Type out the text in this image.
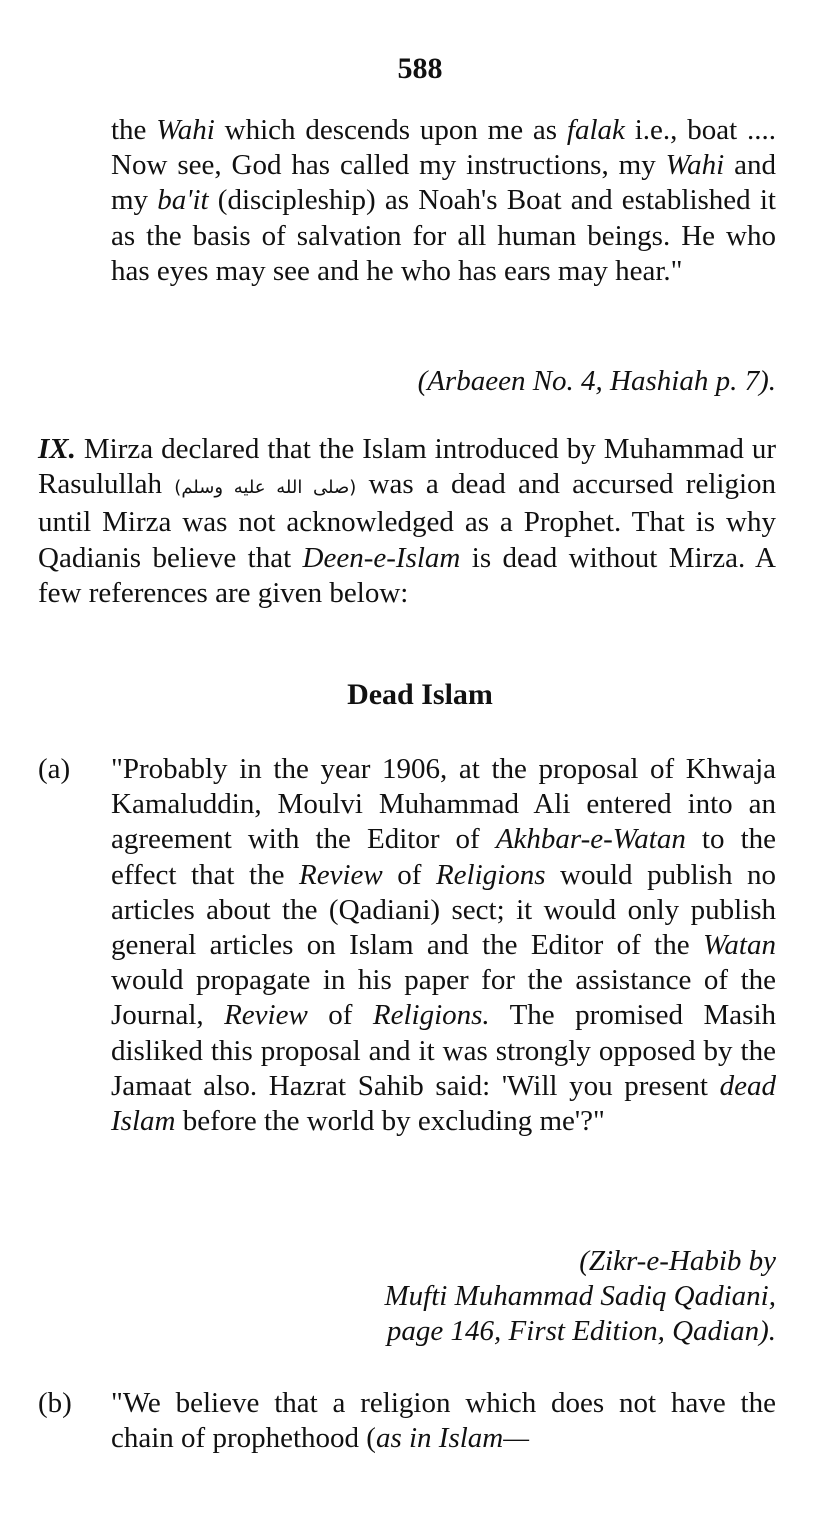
588
the Wahi which descends upon me as falak i.e., boat .... Now see, God has called my instructions, my Wahi and my ba'it (discipleship) as Noah's Boat and established it as the basis of salvation for all human beings. He who has eyes may see and he who has ears may hear."
(Arbaeen No. 4, Hashiah p. 7).
IX. Mirza declared that the Islam introduced by Muhammad ur Rasulullah (صلى الله عليه وسلم) was a dead and accursed religion until Mirza was not acknowledged as a Prophet. That is why Qadianis believe that Deen-e-Islam is dead without Mirza. A few references are given below:
Dead Islam
(a) "Probably in the year 1906, at the proposal of Khwaja Kamaluddin, Moulvi Muhammad Ali entered into an agreement with the Editor of Akhbar-e-Watan to the effect that the Review of Religions would publish no articles about the (Qadiani) sect; it would only publish general articles on Islam and the Editor of the Watan would propagate in his paper for the assistance of the Journal, Review of Religions. The promised Masih disliked this proposal and it was strongly opposed by the Jamaat also. Hazrat Sahib said: 'Will you present dead Islam before the world by excluding me'?"
(Zikr-e-Habib by
Mufti Muhammad Sadiq Qadiani,
page 146, First Edition, Qadian).
(b) "We believe that a religion which does not have the chain of prophethood (as in Islam—
